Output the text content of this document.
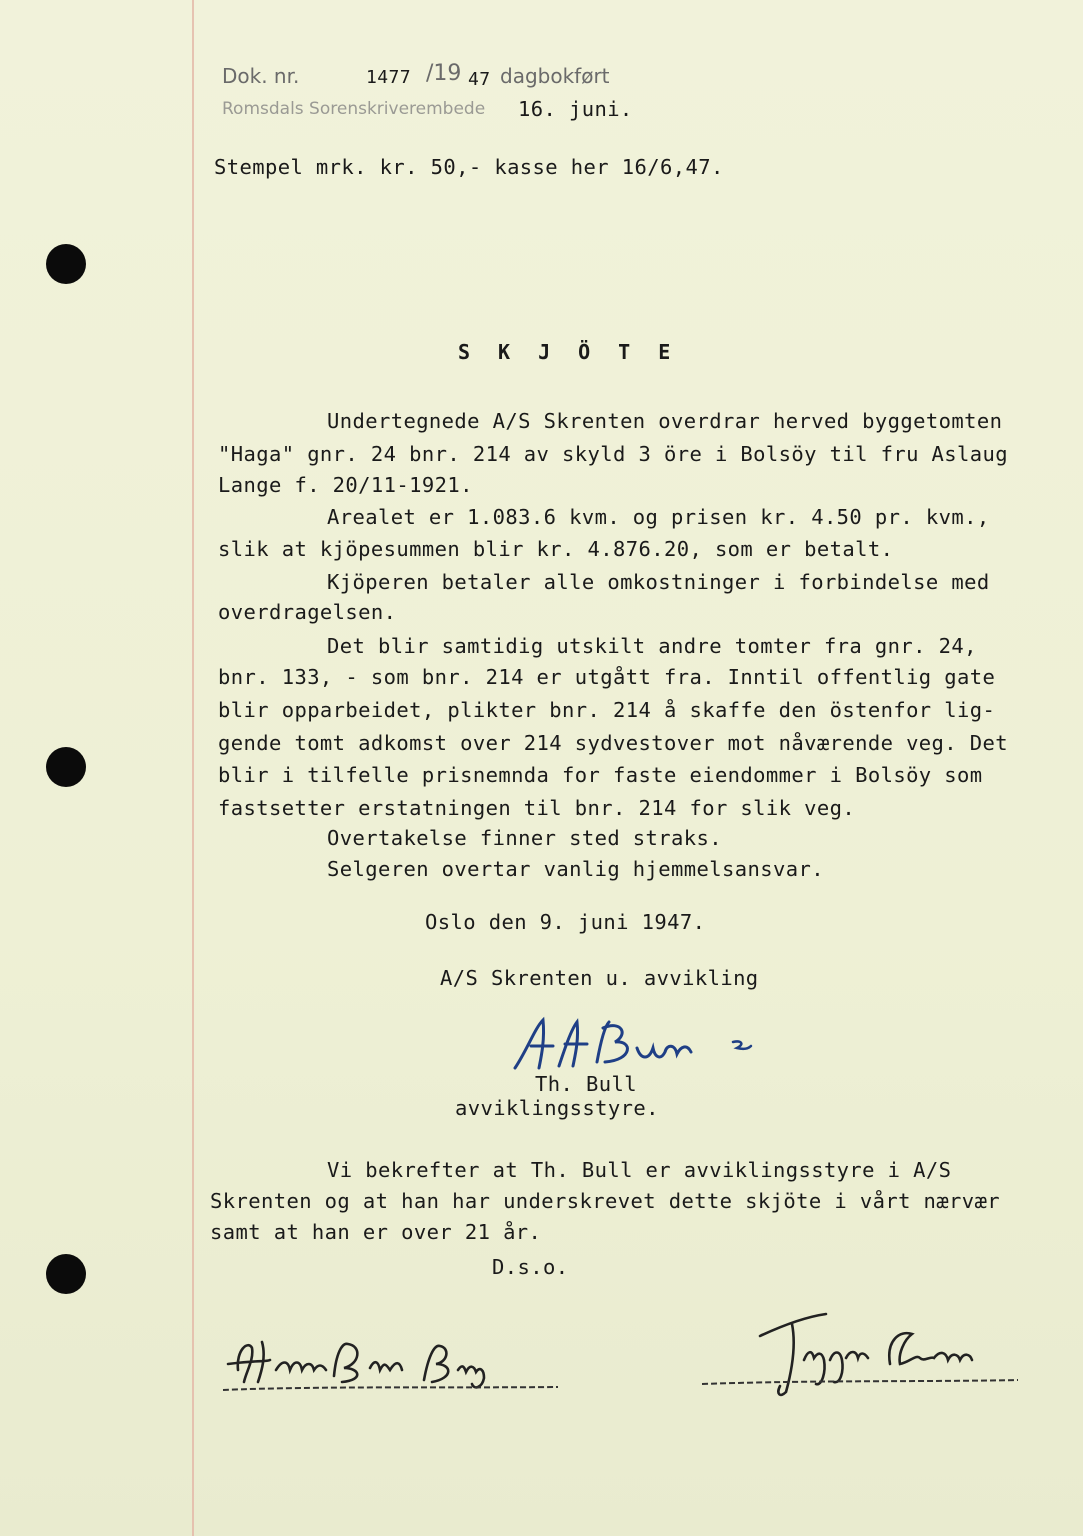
Dok. nr.	1477 /19 47 dagbokført
Romsdals Sorenskriverembede 16. juni.
Stempel mrk. kr. 50,- kasse her 16/6,47.
SKJÖTE
Undertegnede A/S Skrenten overdrar herved byggetomten
"Haga" gnr. 24 bnr. 214 av skyld 3 öre i Bolsöy til fru Aslaug
Lange f. 20/11-1921.
Arealet er 1.083.6 kvm. og prisen kr. 4.50 pr. kvm.,
slik at kjöpesummen blir kr. 4.876.20, som er betalt.
Kjöperen betaler alle omkostninger i forbindelse med
overdragelsen.
Det blir samtidig utskilt andre tomter fra gnr. 24,
bnr. 133, - som bnr. 214 er utgått fra. Inntil offentlig gate
blir opparbeidet, plikter bnr. 214 å skaffe den östenfor lig-
gende tomt adkomst over 214 sydvestover mot nåværende veg. Det
blir i tilfelle prisnemnda for faste eiendommer i Bolsöy som
fastsetter erstatningen til bnr. 214 for slik veg.
Overtakelse finner sted straks.
Selgeren overtar vanlig hjemmelsansvar.
Oslo den 9. juni 1947.
A/S Skrenten u. avvikling
Th. Bull
avviklingsstyre.
Vi bekrefter at Th. Bull er avviklingsstyre i A/S
Skrenten og at han har underskrevet dette skjöte i vårt nærvær
samt at han er over 21 år.
D.s.o.
